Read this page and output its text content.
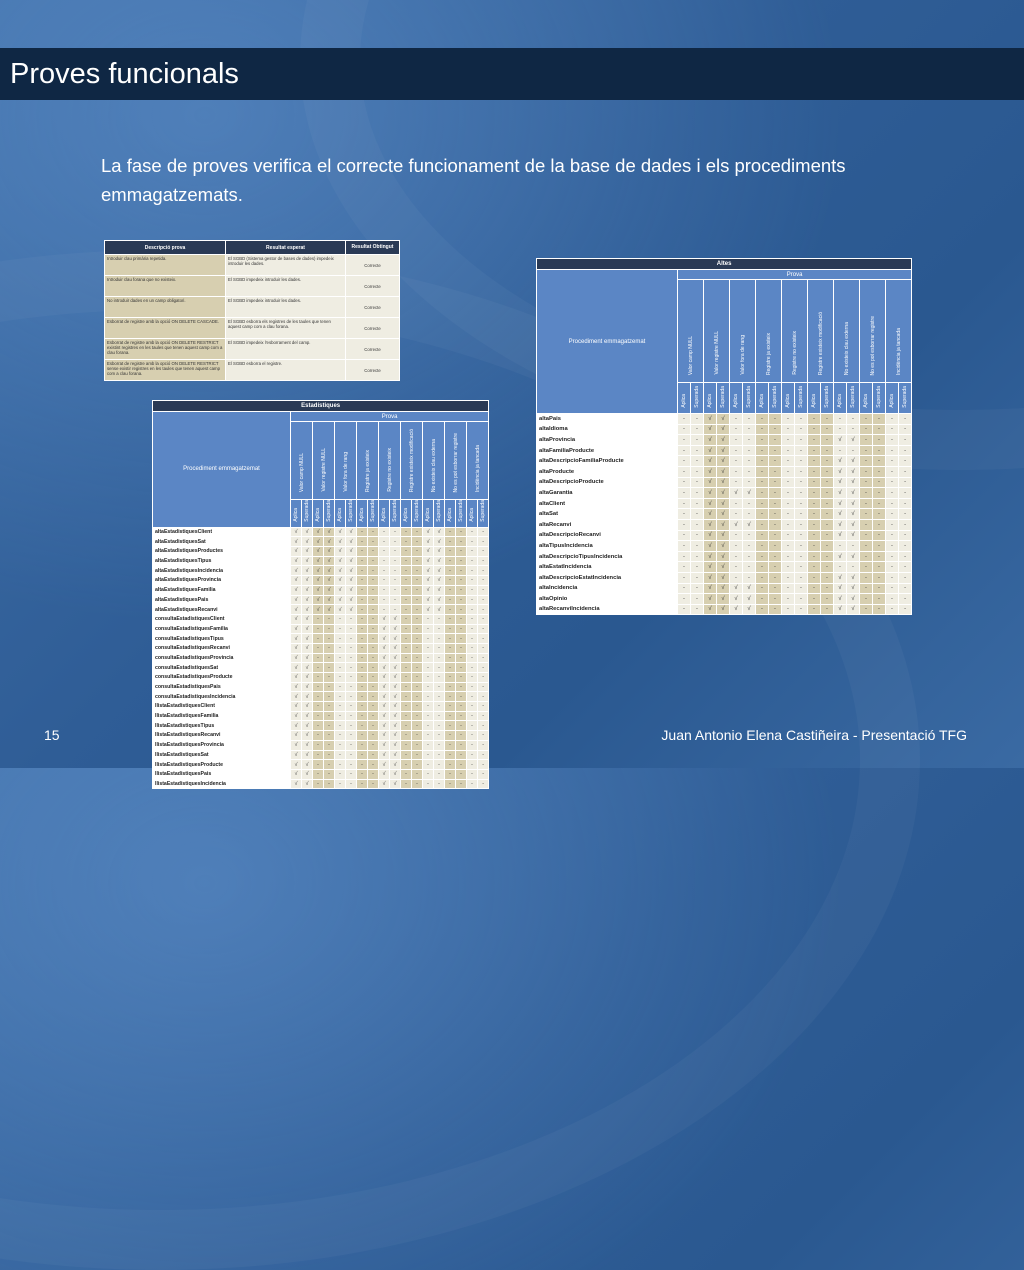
Proves funcionals
La fase de proves verifica el correcte funcionament de la base de dades i els procediments emmagatzemats.
Descripció prova	Resultat esperat	Resultat Obtingut
Introduir clau primària repetida.	El SGBD (Sistema gestor de bases de dades) impedeix introduir les dades.	Correcte
Introduir clau forana que no existeix.	El SGBD impedeix introduir les dades.	Correcte
No introduir dades en un camp obligatori.	El SGBD impedeix introduir les dades.	Correcte
Esborrat de registre amb la opció ON DELETE CASCADE.	El SGBD esborra els registres de les taules que tenen aquest camp com a clau forana.	Correcte
Esborrat de registre amb la opció ON DELETE RESTRICT existint registres en les taules que tenen aquest camp com a clau forana.	El SGBD impedeix l'esborrament del camp.	Correcte
Esborrat de registre amb la opció ON DELETE RESTRICT sense existir registres en les taules que tenen aquest camp com a clau forana.	El SGBD esborra el registre.	Correcte
Estadístiques																		
Procediment emmagatzemat	Prova																	
	Valor camp NULL		Valor registre NULL		Valor fora de rang		Registre ja existeix		Registre no existeix		Registre existeix modificació		No existeix clau externa		No es pot esborrar registre		Incidència ja tancada	
	Aplica	Superada	Aplica	Superada	Aplica	Superada	Aplica	Superada	Aplica	Superada	Aplica	Superada	Aplica	Superada	Aplica	Superada	Aplica	Superada
altaEstadistiquesClient	√	√	√	√	√	√	-	-	-	-	-	-	√	√	-	-	-	-
altaEstadistiquesSat	√	√	√	√	√	√	-	-	-	-	-	-	√	√	-	-	-	-
altaEstadistiquesProductes	√	√	√	√	√	√	-	-	-	-	-	-	√	√	-	-	-	-
altaEstadistiquesTipus	√	√	√	√	√	√	-	-	-	-	-	-	√	√	-	-	-	-
altaEstadistiquesIncidencia	√	√	√	√	√	√	-	-	-	-	-	-	√	√	-	-	-	-
altaEstadistiquesProvincia	√	√	√	√	√	√	-	-	-	-	-	-	√	√	-	-	-	-
altaEstadistiquesFamilia	√	√	√	√	√	√	-	-	-	-	-	-	√	√	-	-	-	-
altaEstadistiquesPais	√	√	√	√	√	√	-	-	-	-	-	-	√	√	-	-	-	-
altaEstadistiquesRecanvi	√	√	√	√	√	√	-	-	-	-	-	-	√	√	-	-	-	-
consultaEstadistiquesClient	√	√	-	-	-	-	-	-	√	√	-	-	-	-	-	-	-	-
consultaEstadistiquesFamilia	√	√	-	-	-	-	-	-	√	√	-	-	-	-	-	-	-	-
consultaEstadistiquesTipus	√	√	-	-	-	-	-	-	√	√	-	-	-	-	-	-	-	-
consultaEstadistiquesRecanvi	√	√	-	-	-	-	-	-	√	√	-	-	-	-	-	-	-	-
consultaEstadistiquesProvincia	√	√	-	-	-	-	-	-	√	√	-	-	-	-	-	-	-	-
consultaEstadistiquesSat	√	√	-	-	-	-	-	-	√	√	-	-	-	-	-	-	-	-
consultaEstadistiquesProducte	√	√	-	-	-	-	-	-	√	√	-	-	-	-	-	-	-	-
consultaEstadistiquesPais	√	√	-	-	-	-	-	-	√	√	-	-	-	-	-	-	-	-
consultaEstadistiquesIncidencia	√	√	-	-	-	-	-	-	√	√	-	-	-	-	-	-	-	-
llistaEstadistiquesClient	√	√	-	-	-	-	-	-	√	√	-	-	-	-	-	-	-	-
llistaEstadistiquesFamilia	√	√	-	-	-	-	-	-	√	√	-	-	-	-	-	-	-	-
llistaEstadistiquesTipus	√	√	-	-	-	-	-	-	√	√	-	-	-	-	-	-	-	-
llistaEstadistiquesRecanvi	√	√	-	-	-	-	-	-	√	√	-	-	-	-	-	-	-	-
llistaEstadistiquesProvincia	√	√	-	-	-	-	-	-	√	√	-	-	-	-	-	-	-	-
llistaEstadistiquesSat	√	√	-	-	-	-	-	-	√	√	-	-	-	-	-	-	-	-
llistaEstadistiquesProducte	√	√	-	-	-	-	-	-	√	√	-	-	-	-	-	-	-	-
llistaEstadistiquesPais	√	√	-	-	-	-	-	-	√	√	-	-	-	-	-	-	-	-
llistaEstadistiquesIncidencia	√	√	-	-	-	-	-	-	√	√	-	-	-	-	-	-	-	-
Altes																		
Procediment emmagatzemat	Prova																	
	Valor camp NULL		Valor registre NULL		Valor fora de rang		Registre ja existeix		Registre no existeix		Registre existeix modificació		No existeix clau externa		No es pot esborrar registre		Incidència ja tancada	
	Aplica	Superada	Aplica	Superada	Aplica	Superada	Aplica	Superada	Aplica	Superada	Aplica	Superada	Aplica	Superada	Aplica	Superada	Aplica	Superada
altaPais	-	-	√	√	-	-	-	-	-	-	-	-	-	-	-	-	-	-
altaIdioma	-	-	√	√	-	-	-	-	-	-	-	-	-	-	-	-	-	-
altaProvincia	-	-	√	√	-	-	-	-	-	-	-	-	√	√	-	-	-	-
altaFamiliaProducte	-	-	√	√	-	-	-	-	-	-	-	-	-	-	-	-	-	-
altaDescripcioFamiliaProducte	-	-	√	√	-	-	-	-	-	-	-	-	√	√	-	-	-	-
altaProducte	-	-	√	√	-	-	-	-	-	-	-	-	√	√	-	-	-	-
altaDescripcioProducte	-	-	√	√	-	-	-	-	-	-	-	-	√	√	-	-	-	-
altaGarantia	-	-	√	√	√	√	-	-	-	-	-	-	√	√	-	-	-	-
altaClient	-	-	√	√	-	-	-	-	-	-	-	-	√	√	-	-	-	-
altaSat	-	-	√	√	-	-	-	-	-	-	-	-	√	√	-	-	-	-
altaRecanvi	-	-	√	√	√	√	-	-	-	-	-	-	√	√	-	-	-	-
altaDescripcioRecanvi	-	-	√	√	-	-	-	-	-	-	-	-	√	√	-	-	-	-
altaTipusIncidencia	-	-	√	√	-	-	-	-	-	-	-	-	-	-	-	-	-	-
altaDescripcioTipusIncidencia	-	-	√	√	-	-	-	-	-	-	-	-	√	√	-	-	-	-
altaEstatIncidencia	-	-	√	√	-	-	-	-	-	-	-	-	-	-	-	-	-	-
altaDescripcioEstatIncidencia	-	-	√	√	-	-	-	-	-	-	-	-	√	√	-	-	-	-
altaIncidencia	-	-	√	√	√	√	-	-	-	-	-	-	√	√	-	-	-	-
altaOpinio	-	-	√	√	√	√	-	-	-	-	-	-	√	√	-	-	-	-
altaRecanviIncidencia	-	-	√	√	√	√	-	-	-	-	-	-	√	√	-	-	-	-
15	Juan Antonio Elena Castiñeira - Presentació TFG
